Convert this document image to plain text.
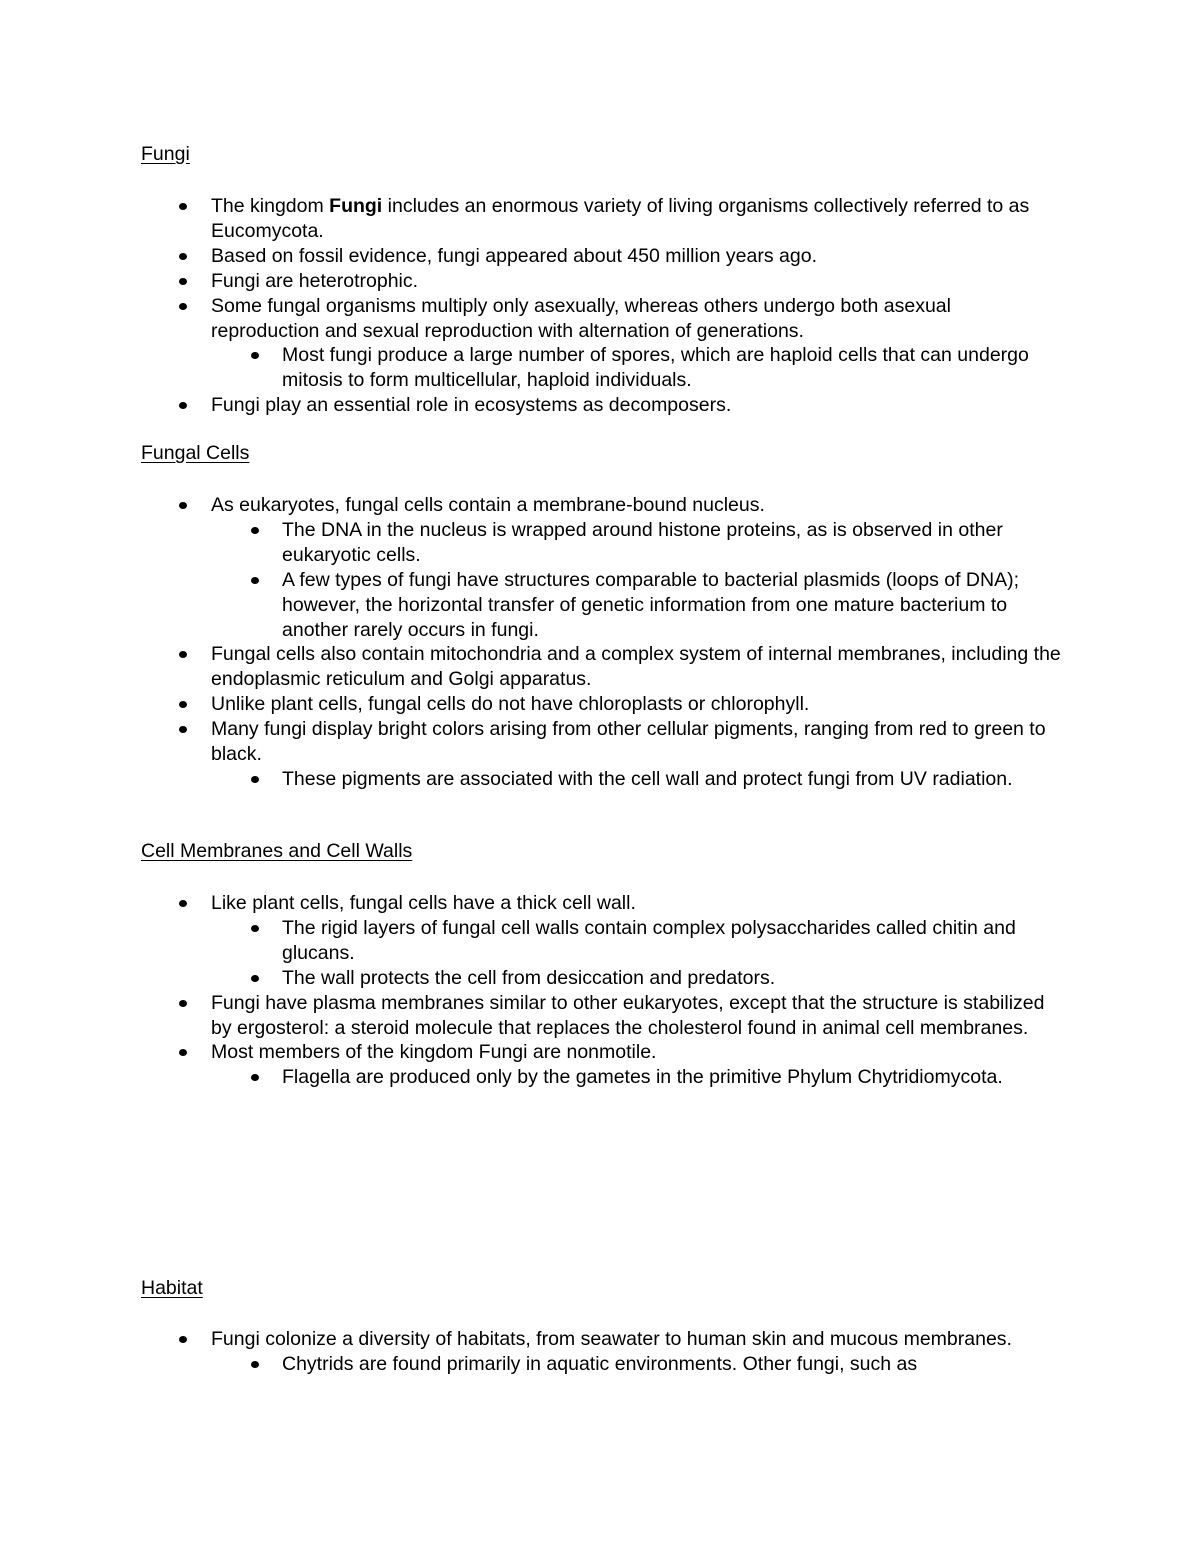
Fungi
The kingdom Fungi includes an enormous variety of living organisms collectively referred to as Eucomycota.
Based on fossil evidence, fungi appeared about 450 million years ago.
Fungi are heterotrophic.
Some fungal organisms multiply only asexually, whereas others undergo both asexual reproduction and sexual reproduction with alternation of generations.
Most fungi produce a large number of spores, which are haploid cells that can undergo mitosis to form multicellular, haploid individuals.
Fungi play an essential role in ecosystems as decomposers.
Fungal Cells
As eukaryotes, fungal cells contain a membrane-bound nucleus.
The DNA in the nucleus is wrapped around histone proteins, as is observed in other eukaryotic cells.
A few types of fungi have structures comparable to bacterial plasmids (loops of DNA); however, the horizontal transfer of genetic information from one mature bacterium to another rarely occurs in fungi.
Fungal cells also contain mitochondria and a complex system of internal membranes, including the endoplasmic reticulum and Golgi apparatus.
Unlike plant cells, fungal cells do not have chloroplasts or chlorophyll.
Many fungi display bright colors arising from other cellular pigments, ranging from red to green to black.
These pigments are associated with the cell wall and protect fungi from UV radiation.
Cell Membranes and Cell Walls
Like plant cells, fungal cells have a thick cell wall.
The rigid layers of fungal cell walls contain complex polysaccharides called chitin and glucans.
The wall protects the cell from desiccation and predators.
Fungi have plasma membranes similar to other eukaryotes, except that the structure is stabilized by ergosterol: a steroid molecule that replaces the cholesterol found in animal cell membranes.
Most members of the kingdom Fungi are nonmotile.
Flagella are produced only by the gametes in the primitive Phylum Chytridiomycota.
Habitat
Fungi colonize a diversity of habitats, from seawater to human skin and mucous membranes.
Chytrids are found primarily in aquatic environments. Other fungi, such as
